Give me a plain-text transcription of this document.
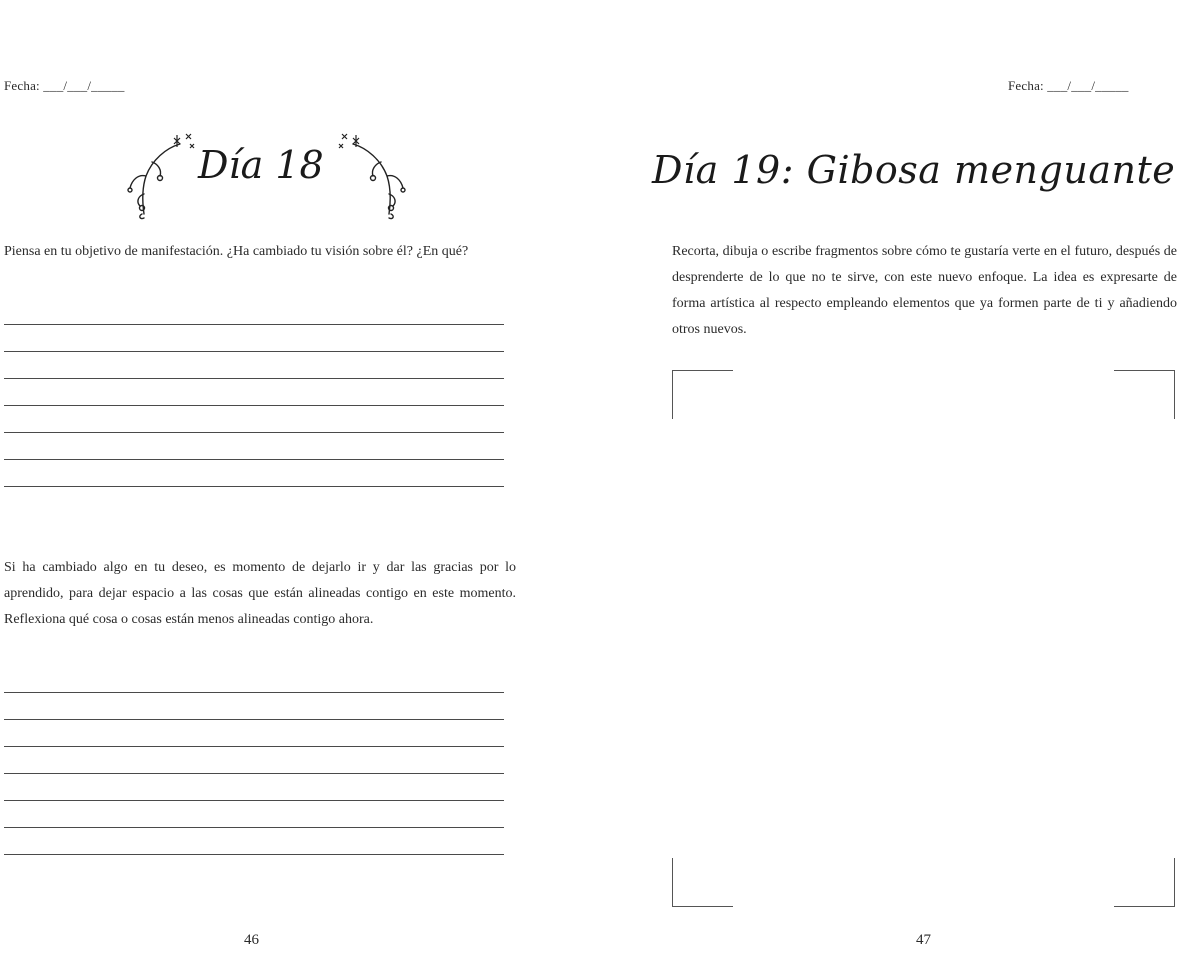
Fecha: ___/___/_____
Día 18

Piensa en tu objetivo de manifestación. ¿Ha cambiado tu visión sobre él? ¿En qué?

Si ha cambiado algo en tu deseo, es momento de dejarlo ir y dar las gracias por lo aprendido, para dejar espacio a las cosas que están alineadas contigo en este momento. Reflexiona qué cosa o cosas están menos alineadas contigo ahora.

46
Fecha: ___/___/_____
Día 19: Gibosa menguante

Recorta, dibuja o escribe fragmentos sobre cómo te gustaría verte en el futuro, después de desprenderte de lo que no te sirve, con este nuevo enfoque. La idea es expresarte de forma artística al respecto empleando elementos que ya formen parte de ti y añadiendo otros nuevos.

47
